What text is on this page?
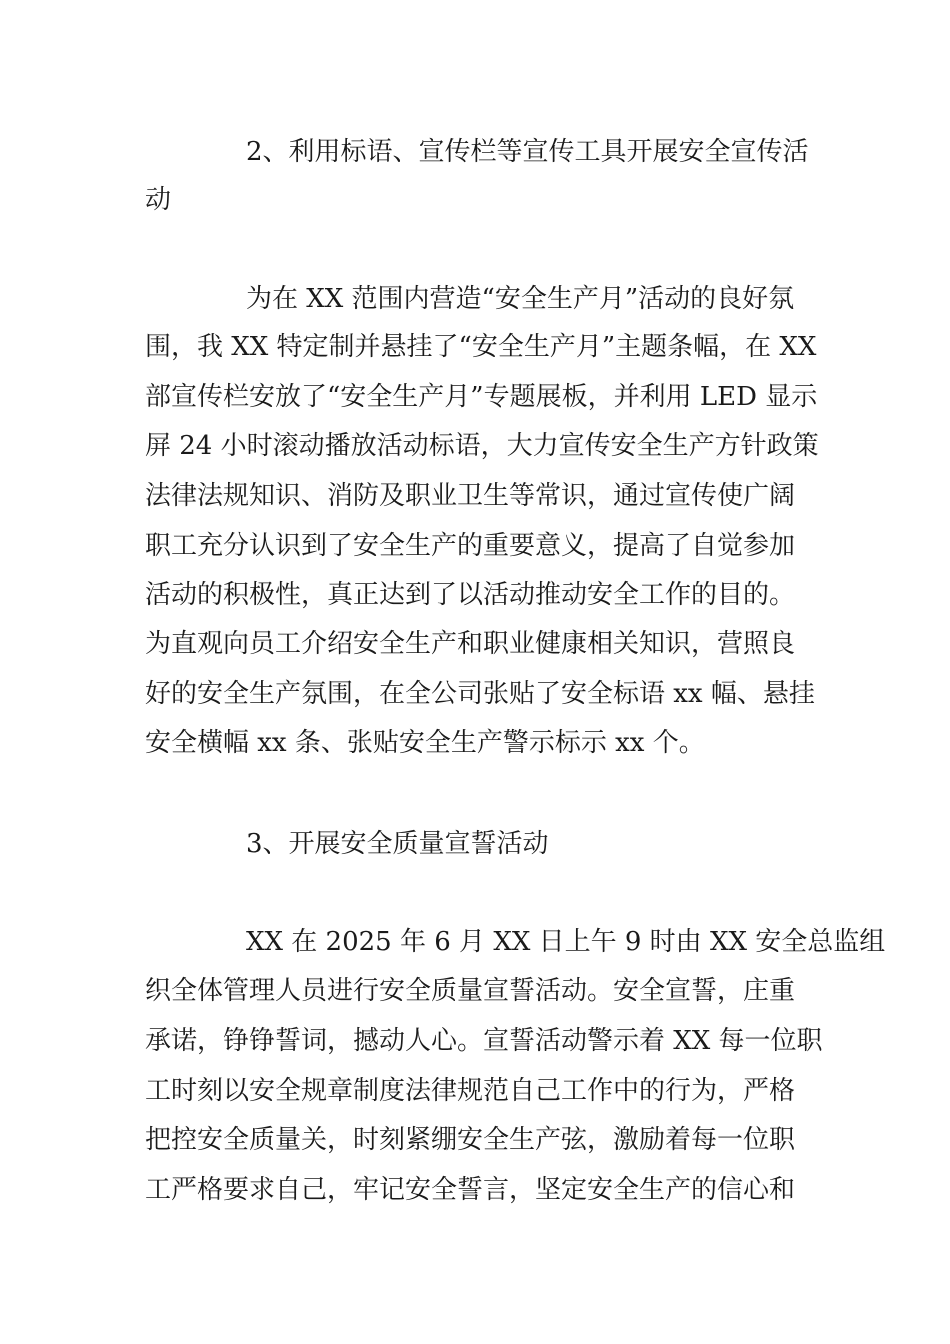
2、利用标语、宣传栏等宣传工具开展安全宣传活
动
为在 XX 范围内营造“安全生产月”活动的良好氛
围，我 XX 特定制并悬挂了“安全生产月”主题条幅，在 XX
部宣传栏安放了“安全生产月”专题展板，并利用 LED 显示
屏 24 小时滚动播放活动标语，大力宣传安全生产方针政策
法律法规知识、消防及职业卫生等常识，通过宣传使广阔
职工充分认识到了安全生产的重要意义，提高了自觉参加
活动的积极性，真正达到了以活动推动安全工作的目的。
为直观向员工介绍安全生产和职业健康相关知识，营照良
好的安全生产氛围，在全公司张贴了安全标语 xx 幅、悬挂
安全横幅 xx 条、张贴安全生产警示标示 xx 个。
3、开展安全质量宣誓活动
XX 在 2025 年 6 月 XX 日上午 9 时由 XX 安全总监组
织全体管理人员进行安全质量宣誓活动。安全宣誓，庄重
承诺，铮铮誓词，撼动人心。宣誓活动警示着 XX 每一位职
工时刻以安全规章制度法律规范自己工作中的行为，严格
把控安全质量关，时刻紧绷安全生产弦，激励着每一位职
工严格要求自己，牢记安全誓言，坚定安全生产的信心和
